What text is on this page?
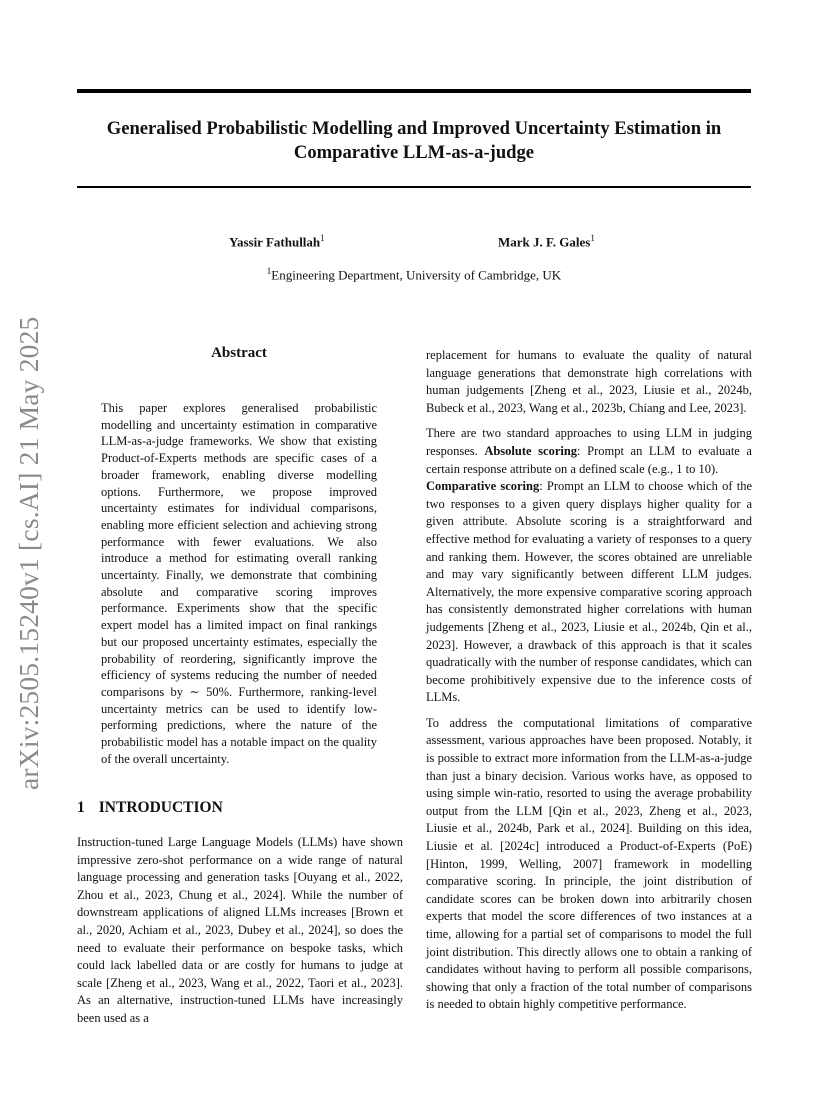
Generalised Probabilistic Modelling and Improved Uncertainty Estimation in Comparative LLM-as-a-judge
Yassir Fathullah$^1$	Mark J. F. Gales$^1$
$^1$Engineering Department, University of Cambridge, UK
arXiv:2505.15240v1 [cs.AI] 21 May 2025	Abstract

This paper explores generalised probabilistic modelling and uncertainty estimation in comparative LLM-as-a-judge frameworks. We show that existing Product-of-Experts methods are specific cases of a broader framework, enabling diverse modelling options. Furthermore, we propose improved uncertainty estimates for individual comparisons, enabling more efficient selection and achieving strong performance with fewer evaluations. We also introduce a method for estimating overall ranking uncertainty. Finally, we demonstrate that combining absolute and comparative scoring improves performance. Experiments show that the specific expert model has a limited impact on final rankings but our proposed uncertainty estimates, especially the probability of reordering, significantly improve the efficiency of systems reducing the number of needed comparisons by ∼ 50%. Furthermore, ranking-level uncertainty metrics can be used to identify low-performing predictions, where the nature of the probabilistic model has a notable impact on the quality of the overall uncertainty.

1 INTRODUCTION

Instruction-tuned Large Language Models (LLMs) have shown impressive zero-shot performance on a wide range of natural language processing and generation tasks [Ouyang et al., 2022, Zhou et al., 2023, Chung et al., 2024]. While the number of downstream applications of aligned LLMs increases [Brown et al., 2020, Achiam et al., 2023, Dubey et al., 2024], so does the need to evaluate their performance on bespoke tasks, which could lack labelled data or are costly for humans to judge at scale [Zheng et al., 2023, Wang et al., 2022, Taori et al., 2023]. As an alternative, instruction-tuned LLMs have increasingly been used as a

replacement for humans to evaluate the quality of natural language generations that demonstrate high correlations with human judgements [Zheng et al., 2023, Liusie et al., 2024b, Bubeck et al., 2023, Wang et al., 2023b, Chiang and Lee, 2023].

There are two standard approaches to using LLM in judging responses. Absolute scoring: Prompt an LLM to evaluate a certain response attribute on a defined scale (e.g., 1 to 10).
Comparative scoring: Prompt an LLM to choose which of the two responses to a given query displays higher quality for a given attribute. Absolute scoring is a straightforward and effective method for evaluating a variety of responses to a query and ranking them. However, the scores obtained are unreliable and may vary significantly between different LLM judges. Alternatively, the more expensive comparative scoring approach has consistently demonstrated higher correlations with human judgements [Zheng et al., 2023, Liusie et al., 2024b, Qin et al., 2023]. However, a drawback of this approach is that it scales quadratically with the number of response candidates, which can become prohibitively expensive due to the inference costs of LLMs.

To address the computational limitations of comparative assessment, various approaches have been proposed. Notably, it is possible to extract more information from the LLM-as-a-judge than just a binary decision. Various works have, as opposed to using simple win-ratio, resorted to using the average probability output from the LLM [Qin et al., 2023, Zheng et al., 2023, Liusie et al., 2024b, Park et al., 2024]. Building on this idea, Liusie et al. [2024c] introduced a Product-of-Experts (PoE) [Hinton, 1999, Welling, 2007] framework in modelling comparative scoring. In principle, the joint distribution of candidate scores can be broken down into arbitrarily chosen experts that model the score differences of two instances at a time, allowing for a partial set of comparisons to model the full joint distribution. This directly allows one to obtain a ranking of candidates without having to perform all possible comparisons, showing that only a fraction of the total number of comparisons is needed to obtain highly competitive performance.
